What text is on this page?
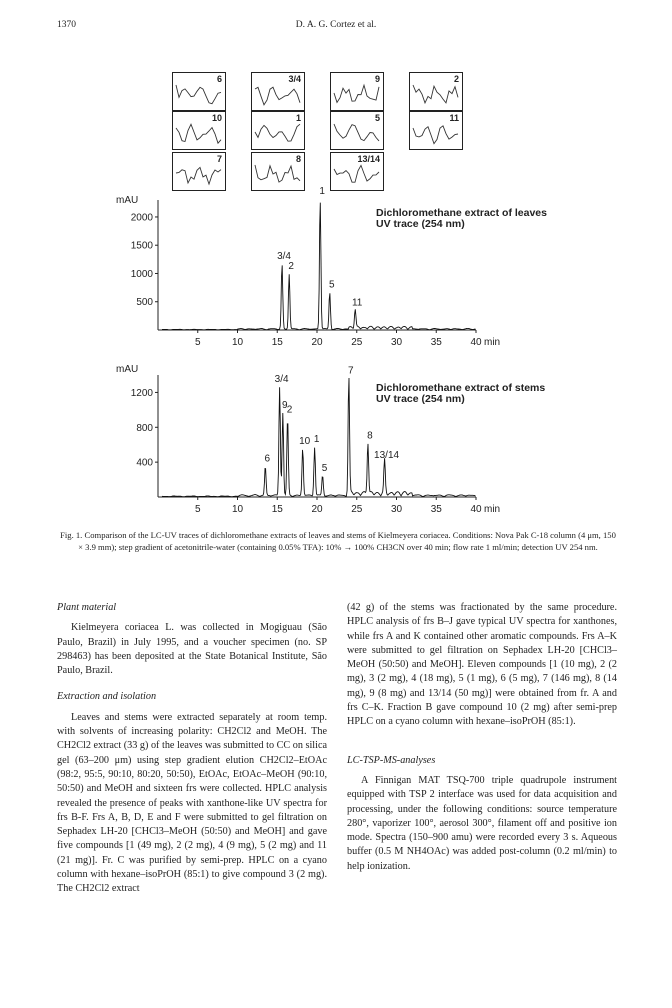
1370	D. A. G. Cortez et al.
6	3/4	9	2
10	1	5	11
7	8	13/14
mAU
500
1000
1500
2000
5	10	15	20	25	30	35	40 min
Dichloromethane extract of leaves
UV trace (254 nm)
3/4
2
1
5
11
mAU
400
800
1200
5	10	15	20	25	30	35	40 min
Dichloromethane extract of stems
UV trace (254 nm)
6
9
3/4
2
10 1
5
7
8
13/14
Fig. 1. Comparison of the LC-UV traces of dichloromethane extracts of leaves and stems of Kielmeyera coriacea. Conditions: Nova Pak C-18 column (4 μm, 150 × 3.9 mm); step gradient of acetonitrile-water (containing 0.05% TFA): 10% → 100% CH3CN over 40 min; flow rate 1 ml/min; detection UV 254 nm.
Plant material

Kielmeyera coriacea L. was collected in Mogiguau (São Paulo, Brazil) in July 1995, and a voucher specimen (no. SP 298463) has been deposited at the State Botanical Institute, São Paulo, Brazil.

Extraction and isolation

Leaves and stems were extracted separately at room temp. with solvents of increasing polarity: CH2Cl2 and MeOH. The CH2Cl2 extract (33 g) of the leaves was submitted to CC on silica gel (63–200 μm) using step gradient elution CH2Cl2–EtOAc (98:2, 95:5, 90:10, 80:20, 50:50), EtOAc, EtOAc–MeOH (90:10, 50:50) and MeOH and sixteen frs were collected. HPLC analysis revealed the presence of peaks with xanthone-like UV spectra for frs B-F. Frs A, B, D, E and F were submitted to gel filtration on Sephadex LH-20 [CHCl3–MeOH (50:50) and MeOH] and gave five compounds [1 (49 mg), 2 (2 mg), 4 (9 mg), 5 (2 mg) and 11 (21 mg)]. Fr. C was purified by semi-prep. HPLC on a cyano column with hexane–isoPrOH (85:1) to give compound 3 (2 mg). The CH2Cl2 extract

(42 g) of the stems was fractionated by the same procedure. HPLC analysis of frs B–J gave typical UV spectra for xanthones, while frs A and K contained other aromatic compounds. Frs A–K were submitted to gel filtration on Sephadex LH-20 [CHCl3–MeOH (50:50) and MeOH]. Eleven compounds [1 (10 mg), 2 (2 mg), 3 (2 mg), 4 (18 mg), 5 (1 mg), 6 (5 mg), 7 (146 mg), 8 (14 mg), 9 (8 mg) and 13/14 (50 mg)] were obtained from fr. A and frs C–K. Fraction B gave compound 10 (2 mg) after semi-prep HPLC on a cyano column with hexane–isoPrOH (85:1).

LC-TSP-MS-analyses

A Finnigan MAT TSQ-700 triple quadrupole instrument equipped with TSP 2 interface was used for data acquisition and processing, under the following conditions: source temperature 280°, vaporizer 100°, aerosol 300°, filament off and positive ion mode. Spectra (150–900 amu) were recorded every 3 s. Aqueous buffer (0.5 M NH4OAc) was added post-column (0.2 ml/min) to help ionization.
